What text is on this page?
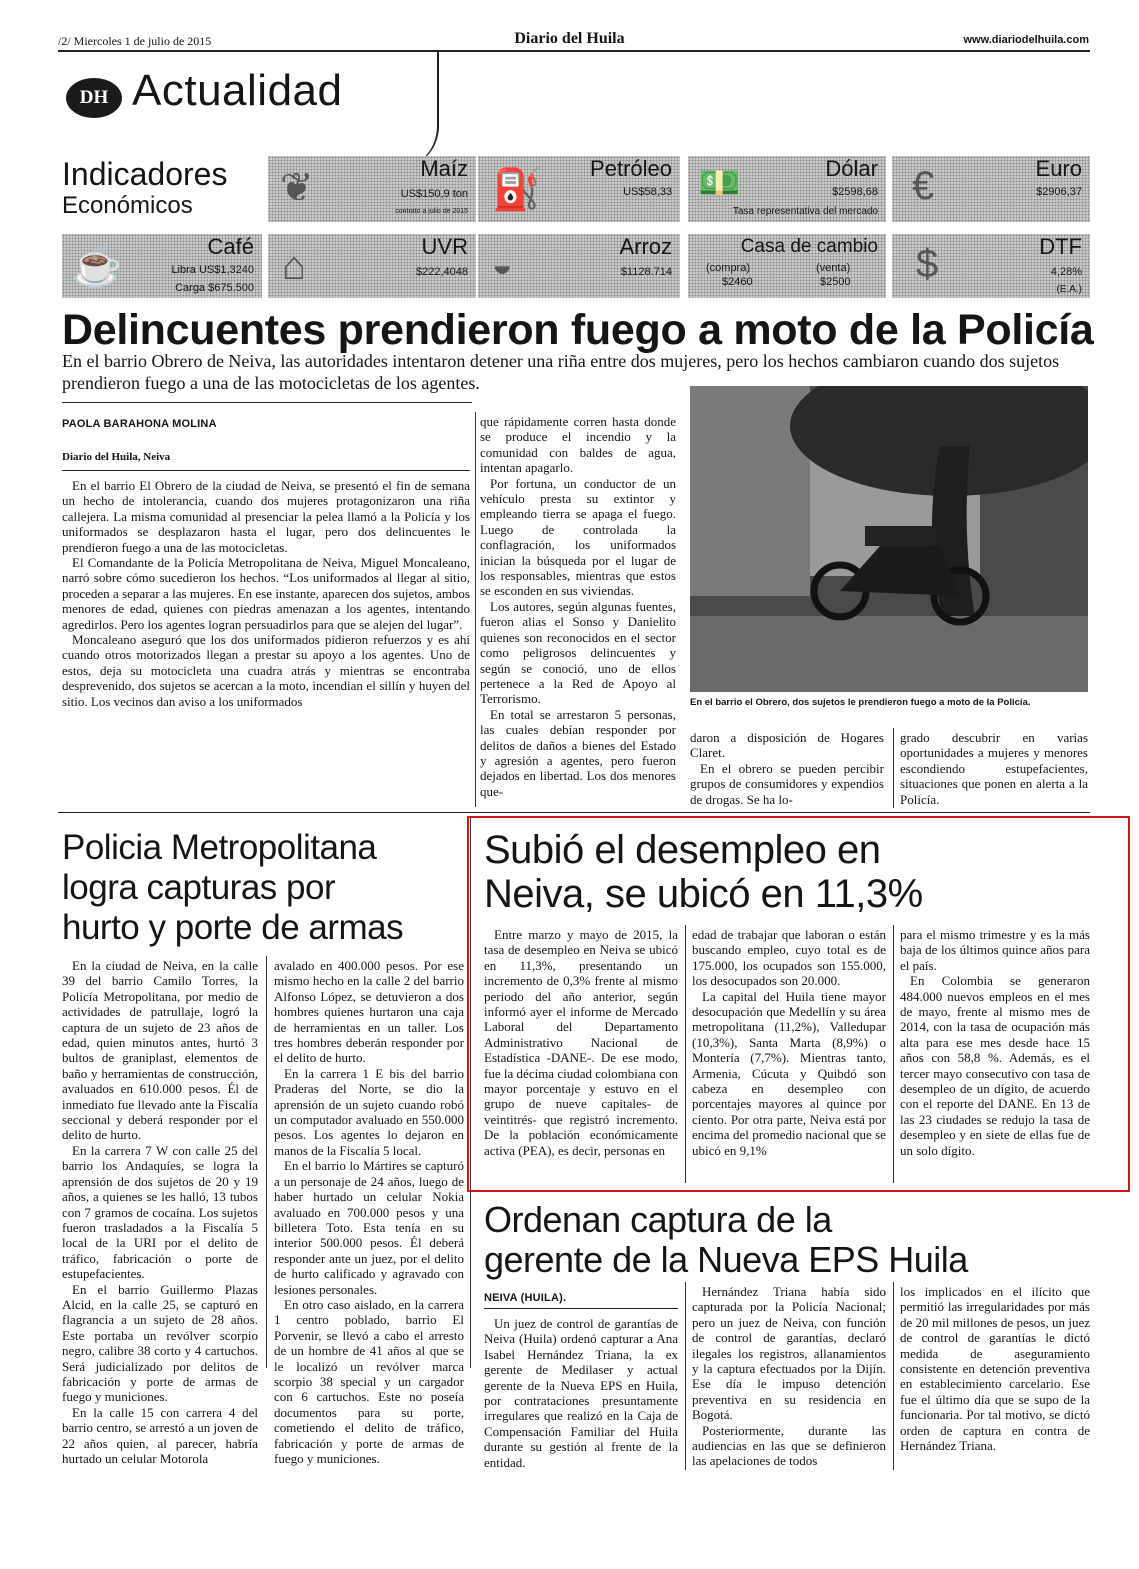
/2/ Miercoles 1 de julio de 2015	Diario del Huila	www.diariodelhuila.com
DH Actualidad
Indicadores
Económicos ❦	Maíz
US$150,9 ton
contrato a julio de 2015 ⛽ Petróleo
US$58,33 💵	Dólar
$2598,68
Tasa representativa del mercado
€	Euro
$2906,37
☕	Café
Libra US$1,3240
Carga $675.500 ⌂	UVR
$222,4048 ◒	Arroz
$1128.714
Casa de cambio
(compra)
$2460
(venta)
$2500 $	DTF
4,28%
(E.A.)
Delincuentes prendieron fuego a moto de la Policía
En el barrio Obrero de Neiva, las autoridades intentaron detener una riña entre dos mujeres, pero los hechos cambiaron cuando dos sujetos prendieron fuego a una de las motocicletas de los agentes.
PAOLA BARAHONA MOLINA
Diario del Huila, Neiva

En el barrio El Obrero de la ciudad de Neiva, se presentó el fin de semana un hecho de intolerancia, cuando dos mujeres protagonizaron una riña callejera. La misma comunidad al presenciar la pelea llamó a la Policía y los uniformados se desplazaron hasta el lugar, pero dos delincuentes le prendieron fuego a una de las motocicletas.

El Comandante de la Policía Metropolitana de Neiva, Miguel Moncaleano, narró sobre cómo sucedieron los hechos. “Los uniformados al llegar al sitio, proceden a separar a las mujeres. En ese instante, aparecen dos sujetos, ambos menores de edad, quienes con piedras amenazan a los agentes, intentando agredirlos. Pero los agentes logran persuadirlos para que se alejen del lugar”.

Moncaleano aseguró que los dos uniformados pidieron refuerzos y es ahí cuando otros motorizados llegan a prestar su apoyo a los agentes. Uno de estos, deja su motocicleta una cuadra atrás y mientras se encontraba desprevenido, dos sujetos se acercan a la moto, incendian el sillín y huyen del sitio. Los vecinos dan aviso a los uniformados

que rápidamente corren hasta donde se produce el incendio y la comunidad con baldes de agua, intentan apagarlo.

Por fortuna, un conductor de un vehículo presta su extintor y empleando tierra se apaga el fuego. Luego de controlada la conflagración, los uniformados inician la búsqueda por el lugar de los responsables, mientras que estos se esconden en sus viviendas.

Los autores, según algunas fuentes, fueron alias el Sonso y Danielito quienes son reconocidos en el sector como peligrosos delincuentes y según se conoció, uno de ellos pertenece a la Red de Apoyo al Terrorismo.

En total se arrestaron 5 personas, las cuales debían responder por delitos de daños a bienes del Estado y agresión a agentes, pero fueron dejados en libertad. Los dos menores que-

En el barrio el Obrero, dos sujetos le prendieron fuego a moto de la Policía.

daron a disposición de Hogares Claret.

En el obrero se pueden percibir grupos de consumidores y expendios de drogas. Se ha lo-

grado descubrir en varias oportunidades a mujeres y menores escondiendo estupefacientes, situaciones que ponen en alerta a la Policía.

Policia Metropolitana
logra capturas por
hurto y porte de armas

En la ciudad de Neiva, en la calle 39 del barrio Camilo Torres, la Policía Metropolitana, por medio de actividades de patrullaje, logró la captura de un sujeto de 23 años de edad, quien minutos antes, hurtó 3 bultos de graniplast, elementos de baño y herramientas de construcción, avaluados en 610.000 pesos. Él de inmediato fue llevado ante la Fiscalía seccional y deberá responder por el delito de hurto.

En la carrera 7 W con calle 25 del barrio los Andaquíes, se logra la aprensión de dos sujetos de 20 y 19 años, a quienes se les halló, 13 tubos con 7 gramos de cocaína. Los sujetos fueron trasladados a la Fiscalía 5 local de la URI por el delito de tráfico, fabricación o porte de estupefacientes.

En el barrio Guillermo Plazas Alcid, en la calle 25, se capturó en flagrancia a un sujeto de 28 años. Este portaba un revólver scorpio negro, calibre 38 corto y 4 cartuchos. Será judicializado por delitos de fabricación y porte de armas de fuego y municiones.

En la calle 15 con carrera 4 del barrio centro, se arrestó a un joven de 22 años quien, al parecer, habría hurtado un celular Motorola

avalado en 400.000 pesos. Por ese mismo hecho en la calle 2 del barrio Alfonso López, se detuvieron a dos hombres quienes hurtaron una caja de herramientas en un taller. Los tres hombres deberán responder por el delito de hurto.

En la carrera 1 E bis del barrio Praderas del Norte, se dio la aprensión de un sujeto cuando robó un computador avaluado en 550.000 pesos. Los agentes lo dejaron en manos de la Fiscalía 5 local.

En el barrio lo Mártires se capturó a un personaje de 24 años, luego de haber hurtado un celular Nokia avaluado en 700.000 pesos y una billetera Toto. Esta tenía en su interior 500.000 pesos. Él deberá responder ante un juez, por el delito de hurto calificado y agravado con lesiones personales.

En otro caso aislado, en la carrera 1 centro poblado, barrio El Porvenir, se llevó a cabo el arresto de un hombre de 41 años al que se le localizó un revólver marca scorpio 38 special y un cargador con 6 cartuchos. Este no poseía documentos para su porte, cometiendo el delito de tráfico, fabricación y porte de armas de fuego y municiones.

Subió el desempleo en
Neiva, se ubicó en 11,3%

Entre marzo y mayo de 2015, la tasa de desempleo en Neiva se ubicó en 11,3%, presentando un incremento de 0,3% frente al mismo periodo del año anterior, según informó ayer el informe de Mercado Laboral del Departamento Administrativo Nacional de Estadística -DANE-. De ese modo, fue la décima ciudad colombiana con mayor porcentaje y estuvo en el grupo de nueve capitales- de veintitrés- que registró incremento. De la población económicamente activa (PEA), es decir, personas en

edad de trabajar que laboran o están buscando empleo, cuyo total es de 175.000, los ocupados son 155.000, los desocupados son 20.000.

La capital del Huila tiene mayor desocupación que Medellín y su área metropolitana (11,2%), Valledupar (10,3%), Santa Marta (8,9%) o Montería (7,7%). Mientras tanto, Armenia, Cúcuta y Quibdó son cabeza en desempleo con porcentajes mayores al quince por ciento. Por otra parte, Neiva está por encima del promedio nacional que se ubicó en 9,1%

para el mismo trimestre y es la más baja de los últimos quince años para el país.

En Colombia se generaron 484.000 nuevos empleos en el mes de mayo, frente al mismo mes de 2014, con la tasa de ocupación más alta para ese mes desde hace 15 años con 58,8 %. Además, es el tercer mayo consecutivo con tasa de desempleo de un dígito, de acuerdo con el reporte del DANE. En 13 de las 23 ciudades se redujo la tasa de desempleo y en siete de ellas fue de un solo dígito.

Ordenan captura de la
gerente de la Nueva EPS Huila
NEIVA (HUILA).

Un juez de control de garantías de Neiva (Huila) ordenó capturar a Ana Isabel Hernández Triana, la ex gerente de Medilaser y actual gerente de la Nueva EPS en Huila, por contrataciones presuntamente irregulares que realizó en la Caja de Compensación Familiar del Huila durante su gestión al frente de la entidad.

Hernández Triana había sido capturada por la Policía Nacional; pero un juez de Neiva, con función de control de garantías, declaró ilegales los registros, allanamientos y la captura efectuados por la Dijín. Ese día le impuso detención preventiva en su residencia en Bogotá.

Posteriormente, durante las audiencias en las que se definieron las apelaciones de todos

los implicados en el ilícito que permitió las irregularidades por más de 20 mil millones de pesos, un juez de control de garantías le dictó medida de aseguramiento consistente en detención preventiva en establecimiento carcelario. Ese fue el último día que se supo de la funcionaria. Por tal motivo, se dictó orden de captura en contra de Hernández Triana.
